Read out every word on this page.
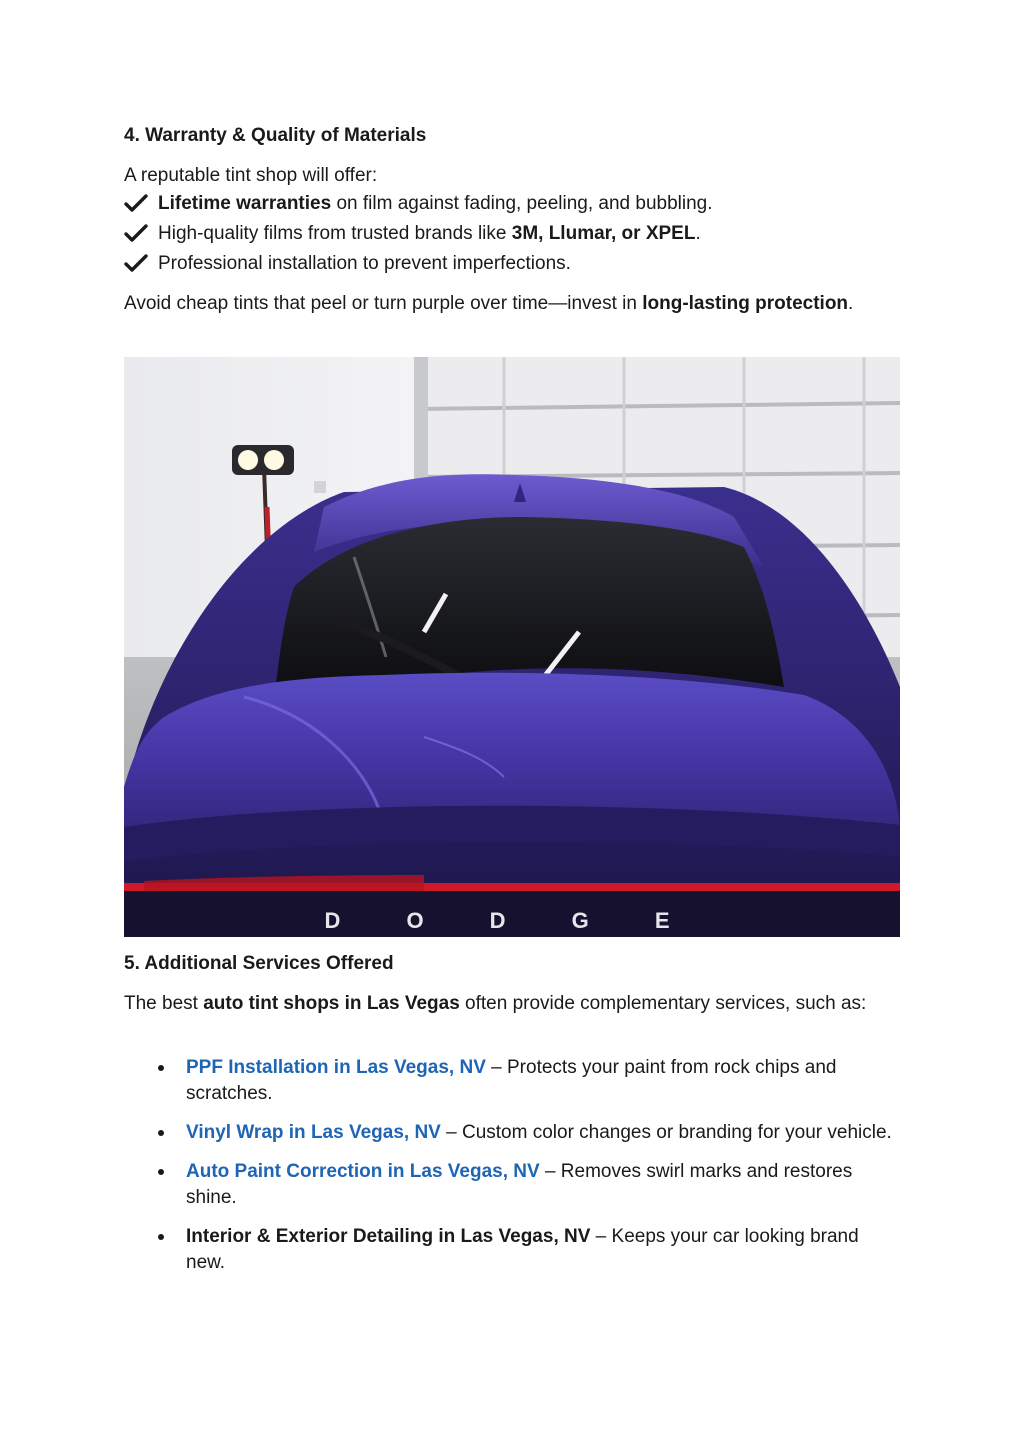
4. Warranty & Quality of Materials
A reputable tint shop will offer:
Lifetime warranties on film against fading, peeling, and bubbling.
High-quality films from trusted brands like 3M, Llumar, or XPEL.
Professional installation to prevent imperfections.
Avoid cheap tints that peel or turn purple over time—invest in long-lasting protection.
D O D G E
5. Additional Services Offered
The best auto tint shops in Las Vegas often provide complementary services, such as:
PPF Installation in Las Vegas, NV – Protects your paint from rock chips and scratches.
Vinyl Wrap in Las Vegas, NV – Custom color changes or branding for your vehicle.
Auto Paint Correction in Las Vegas, NV – Removes swirl marks and restores shine.
Interior & Exterior Detailing in Las Vegas, NV – Keeps your car looking brand new.
